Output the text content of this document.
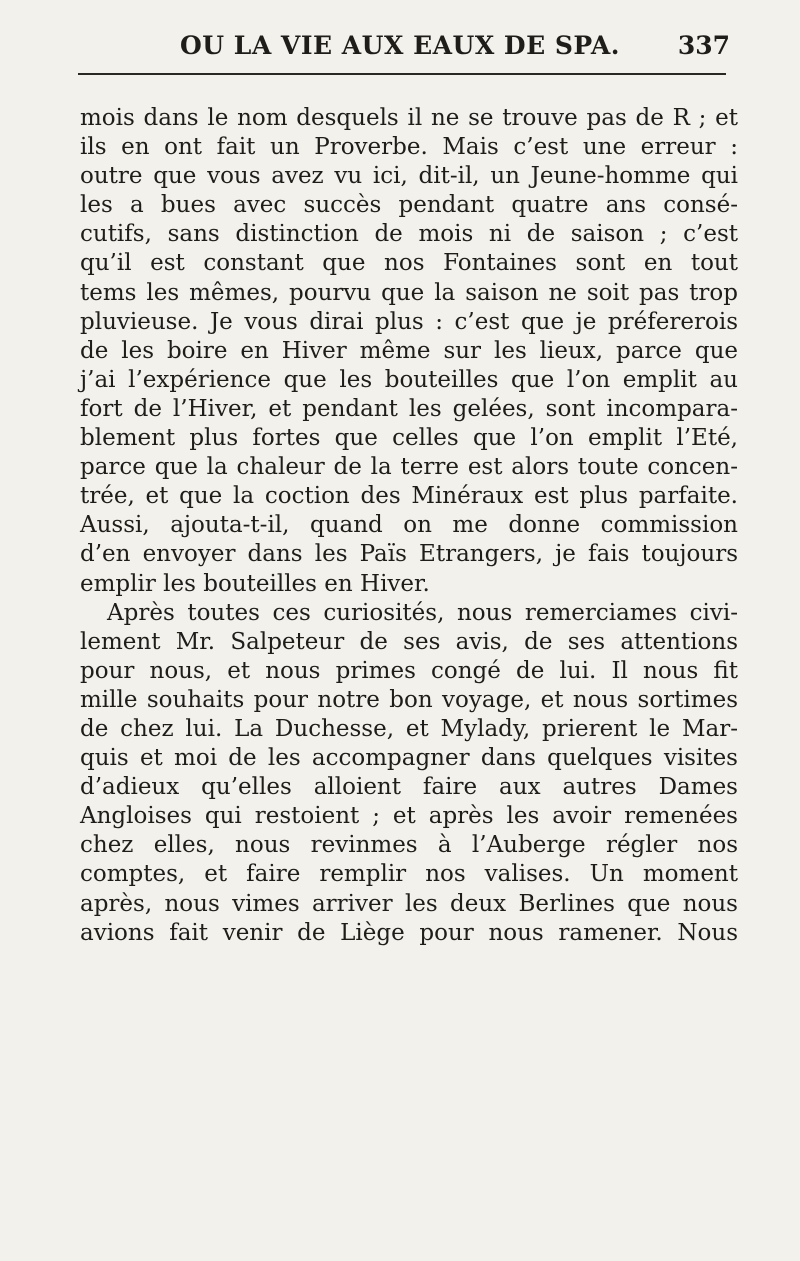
OU LA VIE AUX EAUX DE SPA.	337
mois dans le nom desquels il ne se trouve pas de R ; et
ils en ont fait un Proverbe. Mais c’est une erreur :
outre que vous avez vu ici, dit-il, un Jeune-homme qui
les a bues avec succès pendant quatre ans consé-
cutifs, sans distinction de mois ni de saison ; c’est
qu’il est constant que nos Fontaines sont en tout
tems les mêmes, pourvu que la saison ne soit pas trop
pluvieuse. Je vous dirai plus : c’est que je préfererois
de les boire en Hiver même sur les lieux, parce que
j’ai l’expérience que les bouteilles que l’on emplit au
fort de l’Hiver, et pendant les gelées, sont incompara-
blement plus fortes que celles que l’on emplit l’Eté,
parce que la chaleur de la terre est alors toute concen-
trée, et que la coction des Minéraux est plus parfaite.
Aussi, ajouta-t-il, quand on me donne commission
d’en envoyer dans les Païs Etrangers, je fais toujours
emplir les bouteilles en Hiver.
Après toutes ces curiosités, nous remerciames civi-
lement Mr. Salpeteur de ses avis, de ses attentions
pour nous, et nous primes congé de lui. Il nous fit
mille souhaits pour notre bon voyage, et nous sortimes
de chez lui. La Duchesse, et Mylady, prierent le Mar-
quis et moi de les accompagner dans quelques visites
d’adieux qu’elles alloient faire aux autres Dames
Angloises qui restoient ; et après les avoir remenées
chez elles, nous revinmes à l’Auberge régler nos
comptes, et faire remplir nos valises. Un moment
après, nous vimes arriver les deux Berlines que nous
avions fait venir de Liège pour nous ramener. Nous
